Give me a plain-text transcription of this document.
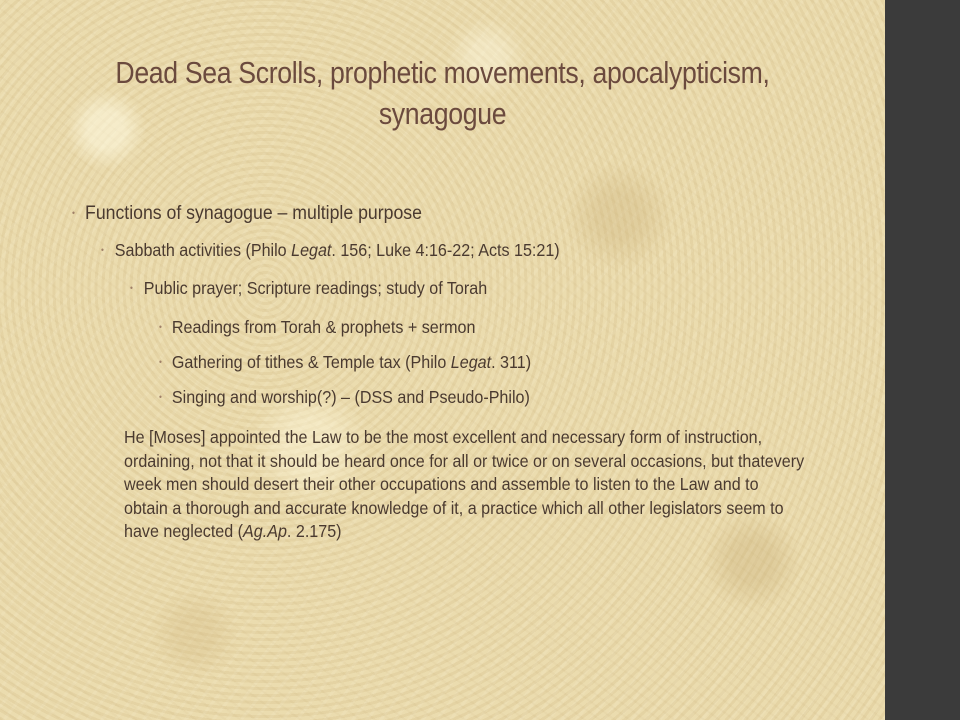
Dead Sea Scrolls, prophetic movements, apocalypticism, synagogue
• Functions of synagogue – multiple purpose
• Sabbath activities (Philo Legat. 156; Luke 4:16-22; Acts 15:21)
• Public prayer; Scripture readings; study of Torah
• Readings from Torah & prophets + sermon
• Gathering of tithes & Temple tax (Philo Legat. 311)
• Singing and worship(?) – (DSS and Pseudo-Philo)
He [Moses] appointed the Law to be the most excellent and necessary form of instruction, ordaining, not that it should be heard once for all or twice or on several occasions, but thatevery week men should desert their other occupations and assemble to listen to the Law and to obtain a thorough and accurate knowledge of it, a practice which all other legislators seem to have neglected (Ag.Ap. 2.175)
